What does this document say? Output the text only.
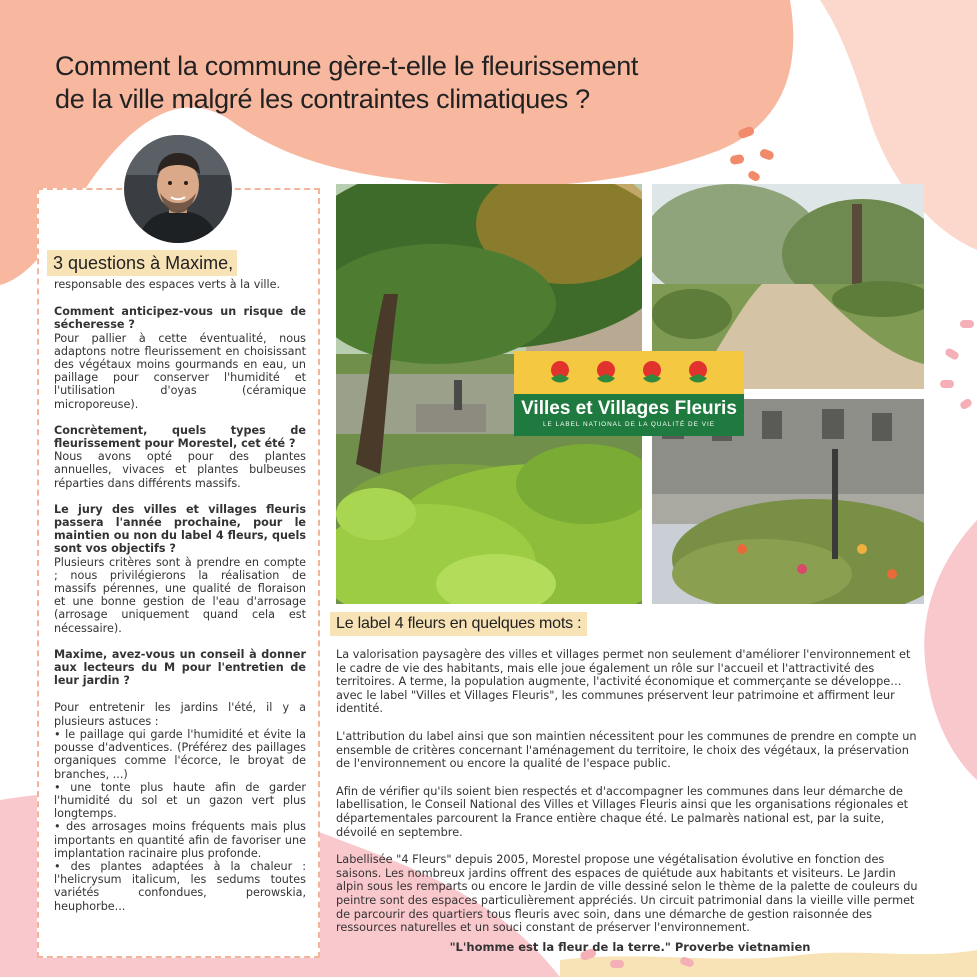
Comment la commune gère-t-elle le fleurissement
de la ville malgré les contraintes climatiques ?
3 questions à Maxime,

responsable des espaces verts à la ville.

Comment anticipez-vous un risque de sécheresse ?

Pour pallier à cette éventualité, nous adaptons notre fleurissement en choisissant des végétaux moins gourmands en eau, un paillage pour conserver l'humidité et l'utilisation d'oyas (céramique microporeuse).

Concrètement, quels types de fleurissement pour Morestel, cet été ?

Nous avons opté pour des plantes annuelles, vivaces et plantes bulbeuses réparties dans différents massifs.

Le jury des villes et villages fleuris passera l'année prochaine, pour le maintien ou non du label 4 fleurs, quels sont vos objectifs ?

Plusieurs critères sont à prendre en compte ; nous privilégierons la réalisation de massifs pérennes, une qualité de floraison et une bonne gestion de l'eau d'arrosage (arrosage uniquement quand cela est nécessaire).

Maxime, avez-vous un conseil à donner aux lecteurs du M pour l'entretien de leur jardin ?

Pour entretenir les jardins l'été, il y a plusieurs astuces :

• le paillage qui garde l'humidité et évite la pousse d'adventices. (Préférez des paillages organiques comme l'écorce, le broyat de branches, ...)
• une tonte plus haute afin de garder l'humidité du sol et un gazon vert plus longtemps.
• des arrosages moins fréquents mais plus importants en quantité afin de favoriser une implantation racinaire plus profonde.
• des plantes adaptées à la chaleur : l'helicrysum italicum, les sedums toutes variétés confondues, perowskia, heuphorbe...
Villes et Villages Fleuris
LE LABEL NATIONAL DE LA QUALITÉ DE VIE
Le label 4 fleurs en quelques mots :

La valorisation paysagère des villes et villages permet non seulement d'améliorer l'environnement et le cadre de vie des habitants, mais elle joue également un rôle sur l'accueil et l'attractivité des territoires. A terme, la population augmente, l'activité économique et commerçante se développe… avec le label "Villes et Villages Fleuris", les communes préservent leur patrimoine et affirment leur identité.

L'attribution du label ainsi que son maintien nécessitent pour les communes de prendre en compte un ensemble de critères concernant l'aménagement du territoire, le choix des végétaux, la préservation de l'environnement ou encore la qualité de l'espace public.

Afin de vérifier qu'ils soient bien respectés et d'accompagner les communes dans leur démarche de labellisation, le Conseil National des Villes et Villages Fleuris ainsi que les organisations régionales et départementales parcourent la France entière chaque été. Le palmarès national est, par la suite, dévoilé en septembre.

Labellisée "4 Fleurs" depuis 2005, Morestel propose une végétalisation évolutive en fonction des saisons. Les nombreux jardins offrent des espaces de quiétude aux habitants et visiteurs. Le Jardin alpin sous les remparts ou encore le Jardin de ville dessiné selon le thème de la palette de couleurs du peintre sont des espaces particulièrement appréciés. Un circuit patrimonial dans la vieille ville permet de parcourir des quartiers tous fleuris avec soin, dans une démarche de gestion raisonnée des ressources naturelles et un souci constant de préserver l'environnement.

"L'homme est la fleur de la terre." Proverbe vietnamien
